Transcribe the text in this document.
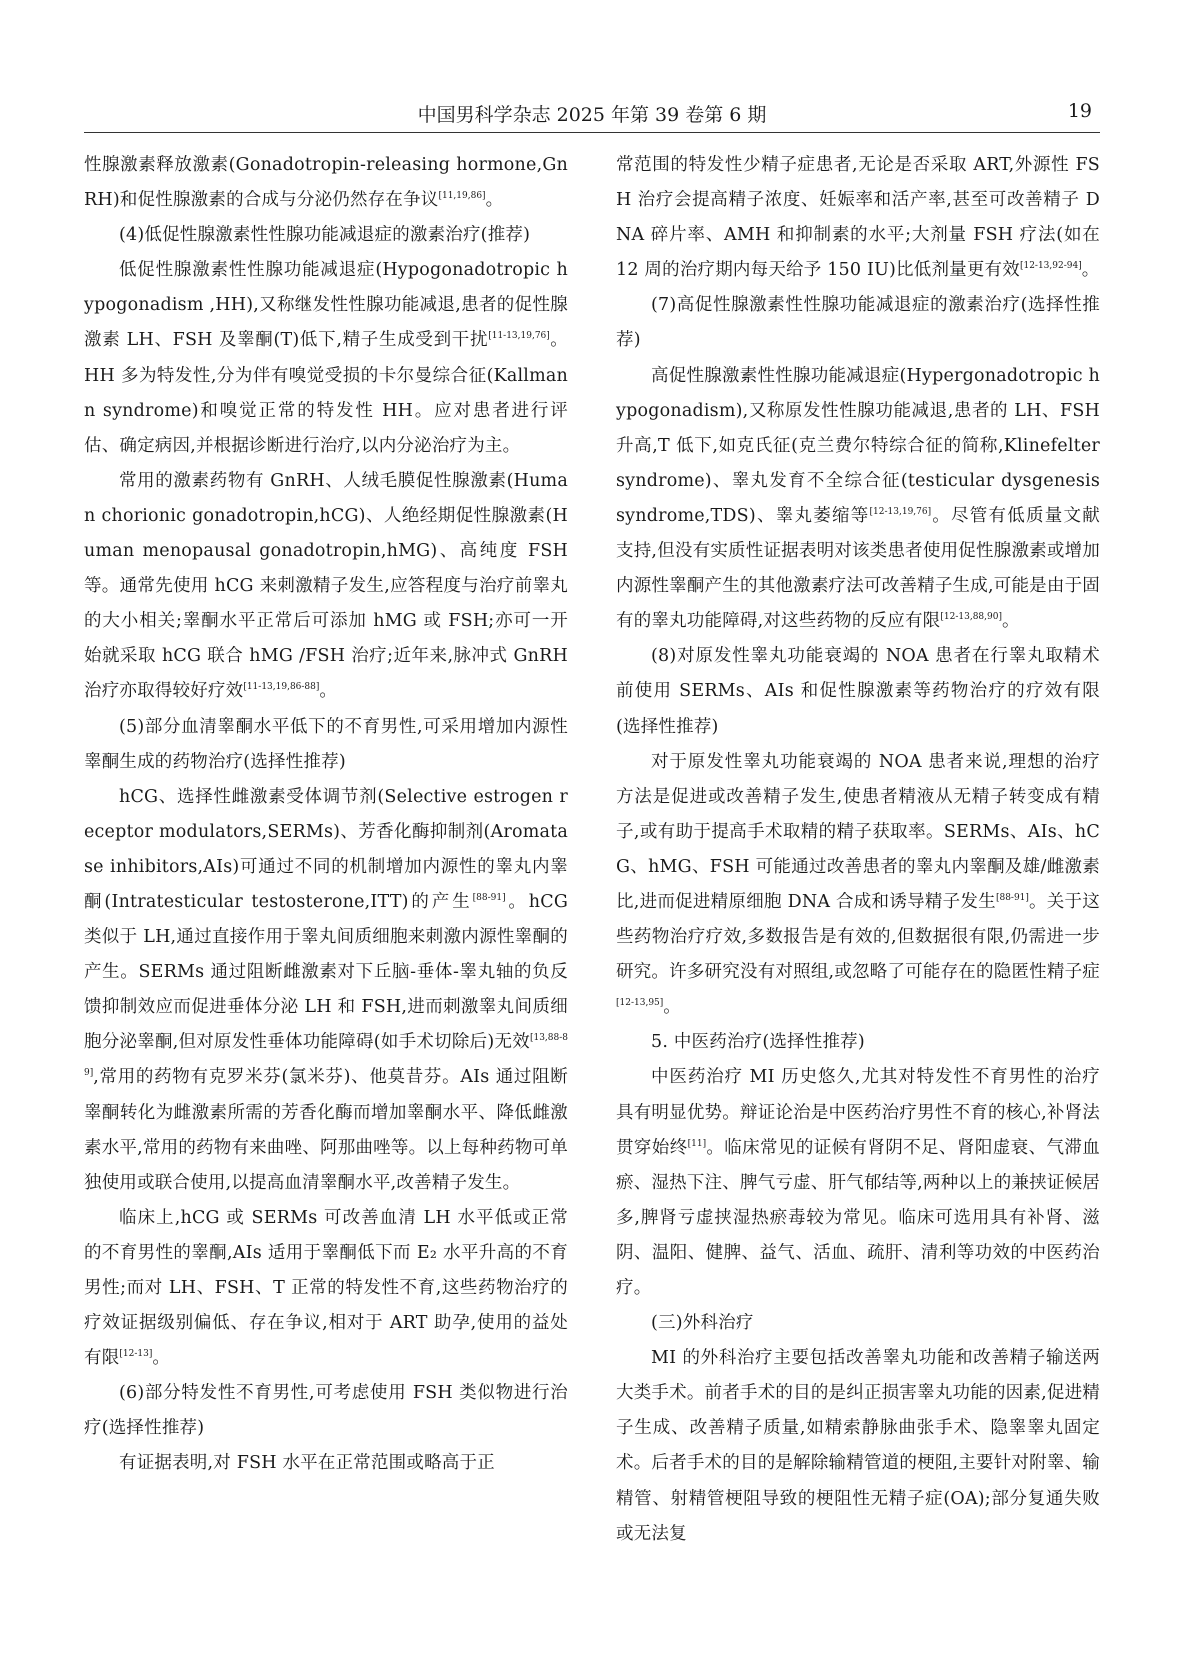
中国男科学杂志 2025 年第 39 卷第 6 期	19

性腺激素释放激素(Gonadotropin-releasing hormone,GnRH)和促性腺激素的合成与分泌仍然存在争议[11,19,86]。

(4)低促性腺激素性性腺功能减退症的激素治疗(推荐)

低促性腺激素性性腺功能减退症(Hypogonadotropic hypogonadism ,HH),又称继发性性腺功能减退,患者的促性腺激素 LH、FSH 及睾酮(T)低下,精子生成受到干扰[11-13,19,76]。HH 多为特发性,分为伴有嗅觉受损的卡尔曼综合征(Kallmann syndrome)和嗅觉正常的特发性 HH。应对患者进行评估、确定病因,并根据诊断进行治疗,以内分泌治疗为主。

常用的激素药物有 GnRH、人绒毛膜促性腺激素(Human chorionic gonadotropin,hCG)、人绝经期促性腺激素(Human menopausal gonadotropin,hMG)、高纯度 FSH 等。通常先使用 hCG 来刺激精子发生,应答程度与治疗前睾丸的大小相关;睾酮水平正常后可添加 hMG 或 FSH;亦可一开始就采取 hCG 联合 hMG /FSH 治疗;近年来,脉冲式 GnRH 治疗亦取得较好疗效[11-13,19,86-88]。

(5)部分血清睾酮水平低下的不育男性,可采用增加内源性睾酮生成的药物治疗(选择性推荐)

hCG、选择性雌激素受体调节剂(Selective estrogen receptor modulators,SERMs)、芳香化酶抑制剂(Aromatase inhibitors,AIs)可通过不同的机制增加内源性的睾丸内睾酮(Intratesticular testosterone,ITT)的产生[88-91]。hCG 类似于 LH,通过直接作用于睾丸间质细胞来刺激内源性睾酮的产生。SERMs 通过阻断雌激素对下丘脑-垂体-睾丸轴的负反馈抑制效应而促进垂体分泌 LH 和 FSH,进而刺激睾丸间质细胞分泌睾酮,但对原发性垂体功能障碍(如手术切除后)无效[13,88-89],常用的药物有克罗米芬(氯米芬)、他莫昔芬。AIs 通过阻断睾酮转化为雌激素所需的芳香化酶而增加睾酮水平、降低雌激素水平,常用的药物有来曲唑、阿那曲唑等。以上每种药物可单独使用或联合使用,以提高血清睾酮水平,改善精子发生。

临床上,hCG 或 SERMs 可改善血清 LH 水平低或正常的不育男性的睾酮,AIs 适用于睾酮低下而 E₂ 水平升高的不育男性;而对 LH、FSH、T 正常的特发性不育,这些药物治疗的疗效证据级别偏低、存在争议,相对于 ART 助孕,使用的益处有限[12-13]。

(6)部分特发性不育男性,可考虑使用 FSH 类似物进行治疗(选择性推荐)

有证据表明,对 FSH 水平在正常范围或略高于正

常范围的特发性少精子症患者,无论是否采取 ART,外源性 FSH 治疗会提高精子浓度、妊娠率和活产率,甚至可改善精子 DNA 碎片率、AMH 和抑制素的水平;大剂量 FSH 疗法(如在 12 周的治疗期内每天给予 150 IU)比低剂量更有效[12-13,92-94]。

(7)高促性腺激素性性腺功能减退症的激素治疗(选择性推荐)

高促性腺激素性性腺功能减退症(Hypergonadotropic hypogonadism),又称原发性性腺功能减退,患者的 LH、FSH 升高,T 低下,如克氏征(克兰费尔特综合征的简称,Klinefelter syndrome)、睾丸发育不全综合征(testicular dysgenesis syndrome,TDS)、睾丸萎缩等[12-13,19,76]。尽管有低质量文献支持,但没有实质性证据表明对该类患者使用促性腺激素或增加内源性睾酮产生的其他激素疗法可改善精子生成,可能是由于固有的睾丸功能障碍,对这些药物的反应有限[12-13,88,90]。

(8)对原发性睾丸功能衰竭的 NOA 患者在行睾丸取精术前使用 SERMs、AIs 和促性腺激素等药物治疗的疗效有限(选择性推荐)

对于原发性睾丸功能衰竭的 NOA 患者来说,理想的治疗方法是促进或改善精子发生,使患者精液从无精子转变成有精子,或有助于提高手术取精的精子获取率。SERMs、AIs、hCG、hMG、FSH 可能通过改善患者的睾丸内睾酮及雄/雌激素比,进而促进精原细胞 DNA 合成和诱导精子发生[88-91]。关于这些药物治疗疗效,多数报告是有效的,但数据很有限,仍需进一步研究。许多研究没有对照组,或忽略了可能存在的隐匿性精子症[12-13,95]。

5. 中医药治疗(选择性推荐)

中医药治疗 MI 历史悠久,尤其对特发性不育男性的治疗具有明显优势。辩证论治是中医药治疗男性不育的核心,补肾法贯穿始终[11]。临床常见的证候有肾阴不足、肾阳虚衰、气滞血瘀、湿热下注、脾气亏虚、肝气郁结等,两种以上的兼挟证候居多,脾肾亏虚挟湿热瘀毒较为常见。临床可选用具有补肾、滋阴、温阳、健脾、益气、活血、疏肝、清利等功效的中医药治疗。

(三)外科治疗

MI 的外科治疗主要包括改善睾丸功能和改善精子输送两大类手术。前者手术的目的是纠正损害睾丸功能的因素,促进精子生成、改善精子质量,如精索静脉曲张手术、隐睾睾丸固定术。后者手术的目的是解除输精管道的梗阻,主要针对附睾、输精管、射精管梗阻导致的梗阻性无精子症(OA);部分复通失败或无法复
